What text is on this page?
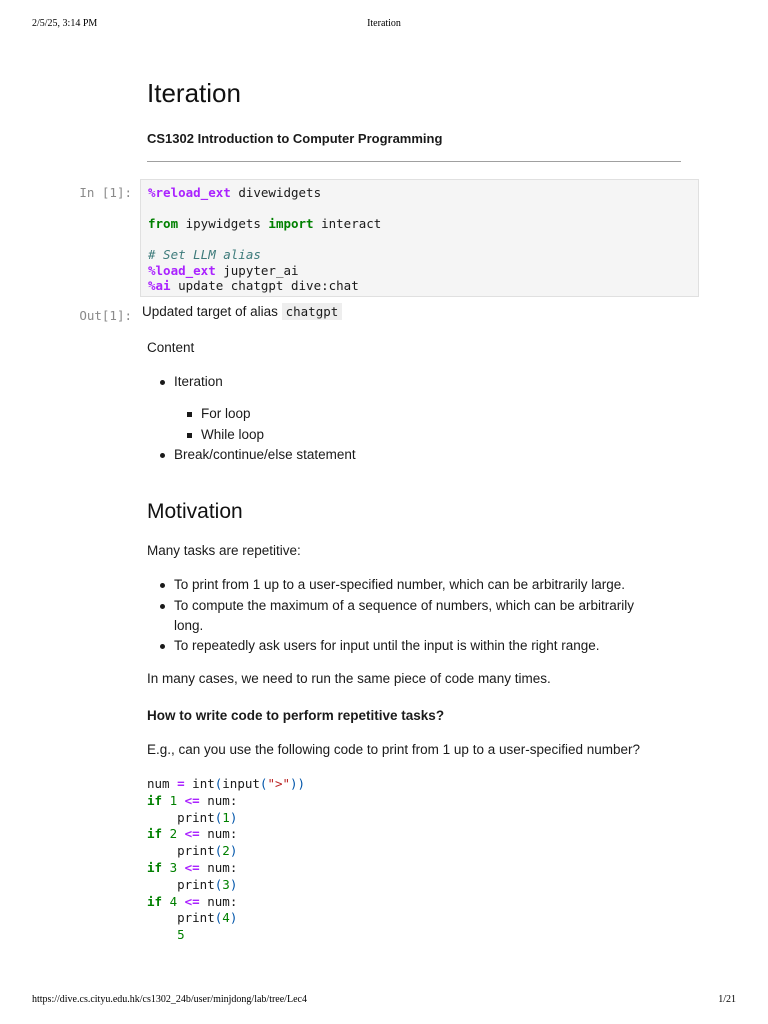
2/5/25, 3:14 PM	Iteration
Iteration
CS1302 Introduction to Computer Programming
In [1]: %reload_ext divewidgets

from ipywidgets import interact

# Set LLM alias
%load_ext jupyter_ai
%ai update chatgpt dive:chat
Out[1]: Updated target of alias chatgpt
Content
Iteration
For loop
While loop
Break/continue/else statement
Motivation
Many tasks are repetitive:
To print from 1 up to a user-specified number, which can be arbitrarily large.
To compute the maximum of a sequence of numbers, which can be arbitrarily
long.
To repeatedly ask users for input until the input is within the right range.
In many cases, we need to run the same piece of code many times.
How to write code to perform repetitive tasks?
E.g., can you use the following code to print from 1 up to a user-specified number?
num = int(input(">"))
if 1 <= num:
print(1)
if 2 <= num:
print(2)
if 3 <= num:
print(3)
if 4 <= num:
print(4)
5
https://dive.cs.cityu.edu.hk/cs1302_24b/user/minjdong/lab/tree/Lec4	1/21
